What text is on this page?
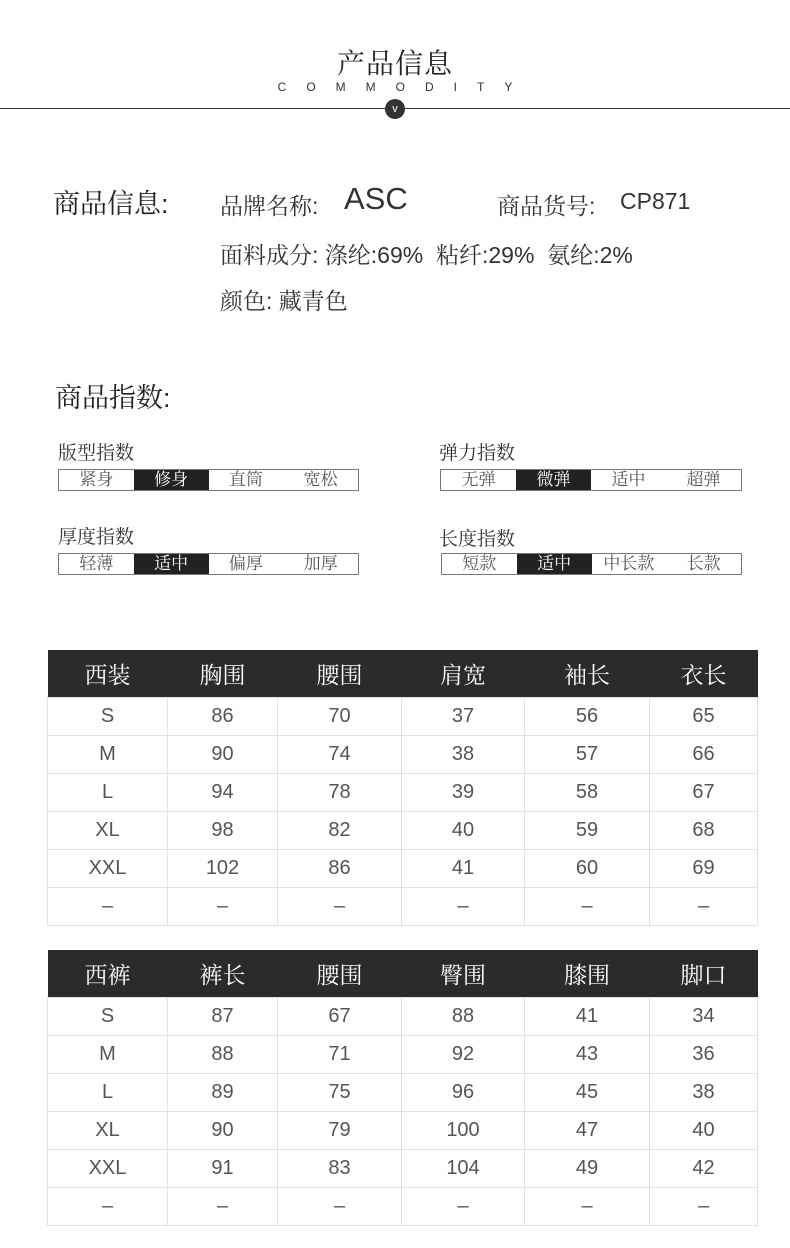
产品信息
COMMODITY
v
商品信息: 品牌名称: ASC	商品货号: CP871
面料成分: 涤纶:69%  粘纤:29%  氨纶:2%
颜色: 藏青色
商品指数:
版型指数
紧身	修身	直筒	宽松
弹力指数
无弹	微弹	适中	超弹
厚度指数
轻薄	适中	偏厚	加厚
长度指数
短款	适中	中长款	长款
西装	胸围	腰围	肩宽	袖长	衣长
S	86	70	37	56	65
M	90	74	38	57	66
L	94	78	39	58	67
XL	98	82	40	59	68
XXL	102	86	41	60	69
–	–	–	–	–	–
西裤	裤长	腰围	臀围	膝围	脚口
S	87	67	88	41	34
M	88	71	92	43	36
L	89	75	96	45	38
XL	90	79	100	47	40
XXL	91	83	104	49	42
–	–	–	–	–	–
